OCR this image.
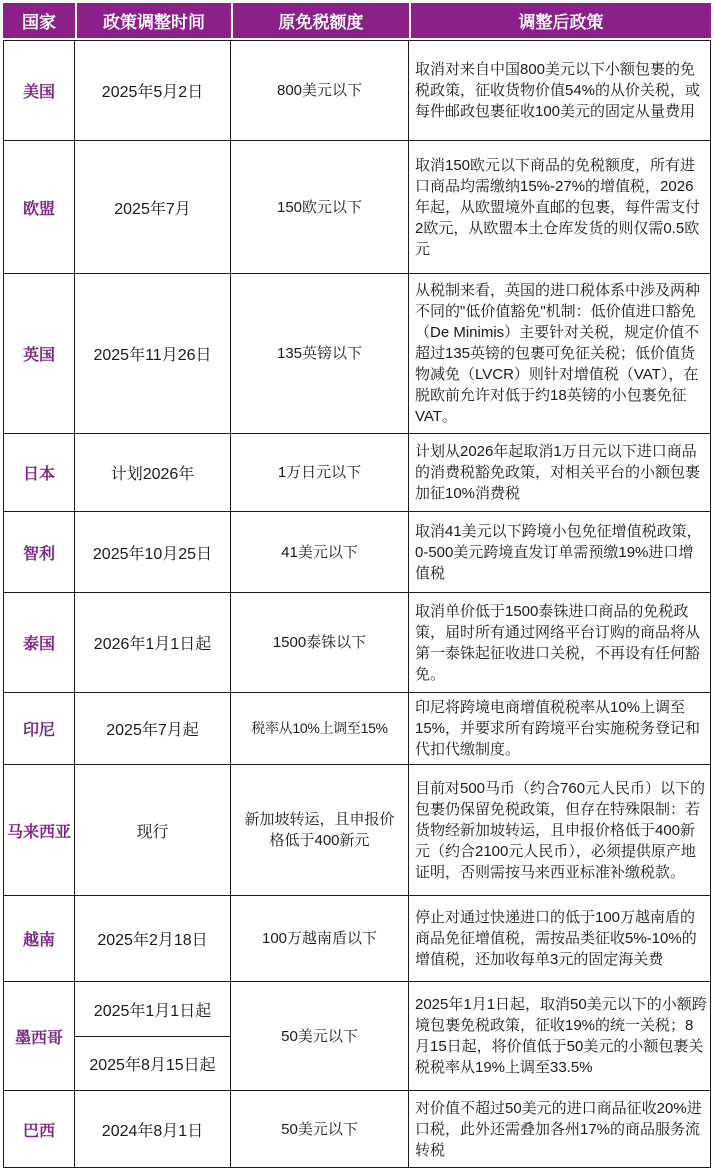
国家	政策调整时间	原免税额度	调整后政策
美国	2025年5月2日	800美元以下	取消对来自中国800美元以下小额包裹的免税政策，征收货物价值54%的从价关税，或每件邮政包裹征收100美元的固定从量费用
欧盟	2025年7月	150欧元以下	取消150欧元以下商品的免税额度，所有进口商品均需缴纳15%-27%的增值税，2026年起，从欧盟境外直邮的包裹，每件需支付2欧元，从欧盟本土仓库发货的则仅需0.5欧元
英国	2025年11月26日	135英镑以下	从税制来看，英国的进口税体系中涉及两种不同的"低价值豁免"机制：低价值进口豁免（De Minimis）主要针对关税，规定价值不超过135英镑的包裹可免征关税；低价值货物减免（LVCR）则针对增值税（VAT），在脱欧前允许对低于约18英镑的小包裹免征VAT。
日本	计划2026年	1万日元以下	计划从2026年起取消1万日元以下进口商品的消费税豁免政策，对相关平台的小额包裹加征10%消费税
智利	2025年10月25日	41美元以下	取消41美元以下跨境小包免征增值税政策，0-500美元跨境直发订单需预缴19%进口增值税
泰国	2026年1月1日起	1500泰铢以下	取消单价低于1500泰铢进口商品的免税政策，届时所有通过网络平台订购的商品将从第一泰铢起征收进口关税，不再设有任何豁免。
印尼	2025年7月起	税率从10%上调至15%	印尼将跨境电商增值税税率从10%上调至15%，并要求所有跨境平台实施税务登记和代扣代缴制度。
马来西亚	现行	新加坡转运，且申报价格低于400新元	目前对500马币（约合760元人民币）以下的包裹仍保留免税政策，但存在特殊限制：若货物经新加坡转运，且申报价格低于400新元（约合2100元人民币），必须提供原产地证明，否则需按马来西亚标准补缴税款。
越南	2025年2月18日	100万越南盾以下	停止对通过快递进口的低于100万越南盾的商品免征增值税，需按品类征收5%-10%的增值税，还加收每单3元的固定海关费
墨西哥	2025年1月1日起	50美元以下	2025年1月1日起，取消50美元以下的小额跨境包裹免税政策，征收19%的统一关税；8月15日起，将价值低于50美元的小额包裹关税税率从19%上调至33.5%
	2025年8月15日起		
巴西	2024年8月1日	50美元以下	对价值不超过50美元的进口商品征收20%进口税，此外还需叠加各州17%的商品服务流转税
